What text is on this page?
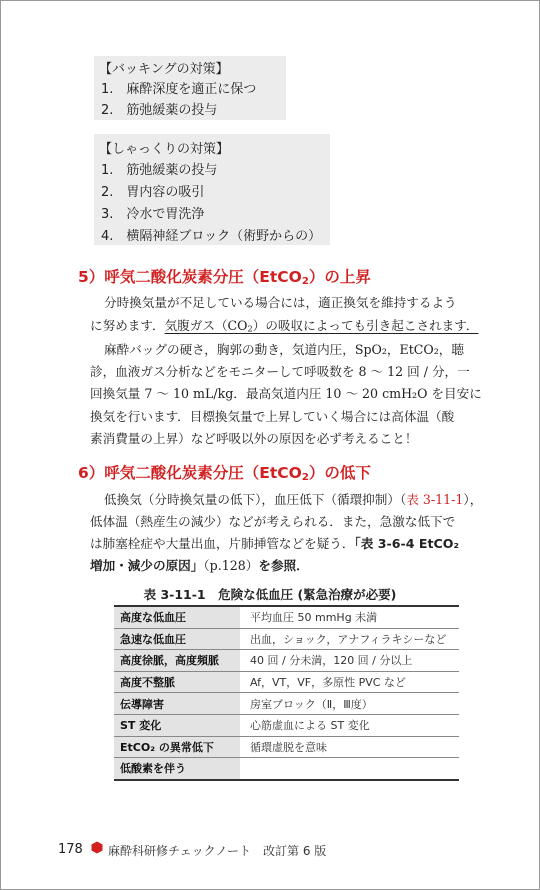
【バッキングの対策】
1.　麻酔深度を適正に保つ
2.　筋弛緩薬の投与
【しゃっくりの対策】
1.　筋弛緩薬の投与
2.　胃内容の吸引
3.　冷水で胃洗浄
4.　横隔神経ブロック（術野からの）
5）呼気二酸化炭素分圧（EtCO$_2$）の上昇
分時換気量が不足している場合には，適正換気を維持するよう
に努めます．気腹ガス$(CO_2)$の吸収によっても引き起こされます．
麻酔バッグの硬さ，胸郭の動き，気道内圧，SpO₂，EtCO₂，聴
診，血液ガス分析などをモニターして呼吸数を 8 ～ 12 回 / 分，一
回換気量 7 ～ 10 mL/kg．最高気道内圧 10 ～ 20 cmH₂O を目安に
換気を行います．目標換気量で上昇していく場合には高体温（酸
素消費量の上昇）など呼吸以外の原因を必ず考えること！
6）呼気二酸化炭素分圧（EtCO$_2$）の低下
低換気（分時換気量の低下），血圧低下（循環抑制）（表 3-11-1），
低体温（熱産生の減少）などが考えられる．また，急激な低下で
は肺塞栓症や大量出血，片肺挿管などを疑う．「表 3-6-4 EtCO₂
増加・減少の原因」（p.128）を参照．
表 3-11-1　危険な低血圧 (緊急治療が必要)
高度な低血圧	平均血圧 50 mmHg 未満
急速な低血圧	出血，ショック，アナフィラキシーなど
高度徐脈，高度頻脈	40 回 / 分未満，120 回 / 分以上
高度不整脈	Af，VT，VF，多原性 PVC など
伝導障害	房室ブロック（Ⅱ，Ⅲ度）
ST 変化	心筋虚血による ST 変化
EtCO₂ の異常低下	循環虚脱を意味
低酸素を伴う	
178 麻酔科研修チェックノート　改訂第 6 版
